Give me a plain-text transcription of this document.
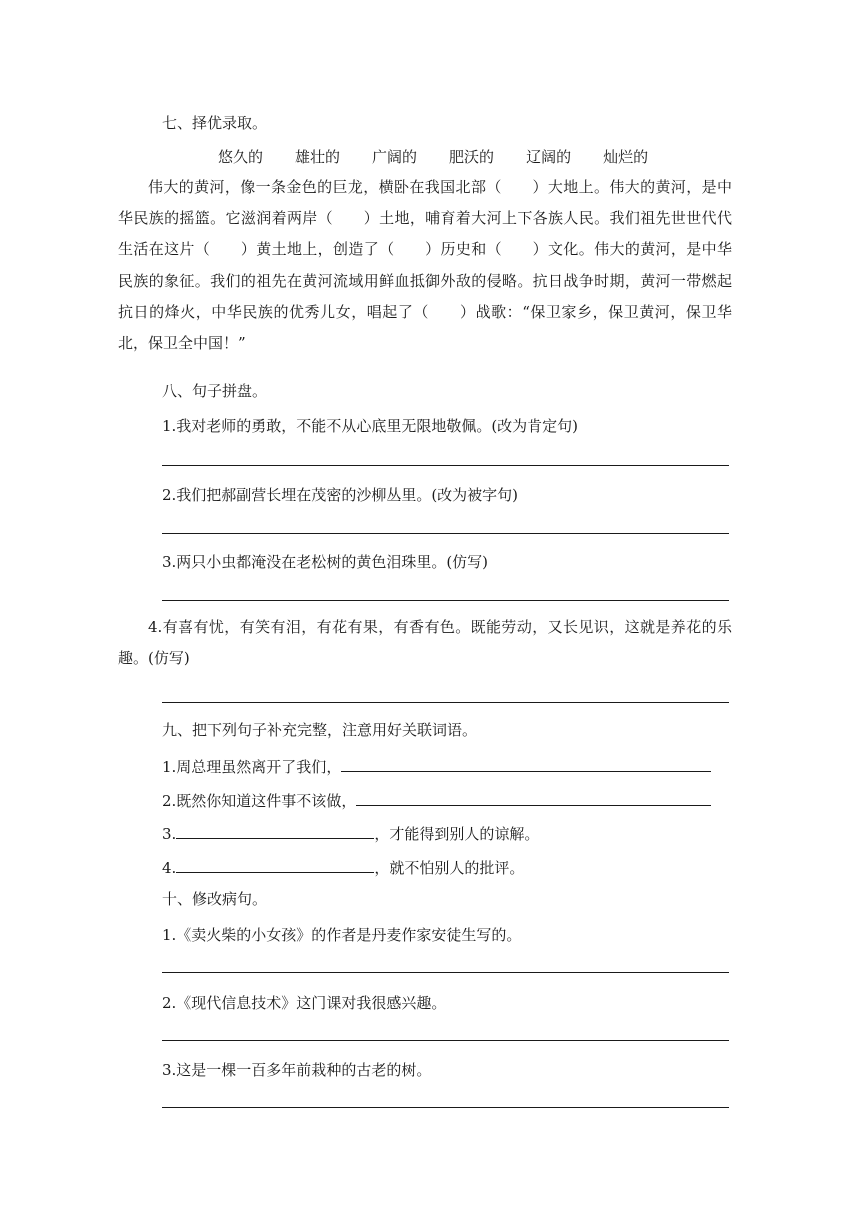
七、择优录取。
悠久的 雄壮的 广阔的 肥沃的 辽阔的 灿烂的
伟大的黄河，像一条金色的巨龙，横卧在我国北部（　　）大地上。伟大的黄河，是中华民族的摇篮。它滋润着两岸（　　）土地，哺育着大河上下各族人民。我们祖先世世代代生活在这片（　　）黄土地上，创造了（　　）历史和（　　）文化。伟大的黄河，是中华民族的象征。我们的祖先在黄河流域用鲜血抵御外敌的侵略。抗日战争时期，黄河一带燃起抗日的烽火，中华民族的优秀儿女，唱起了（　　）战歌：“保卫家乡，保卫黄河，保卫华北，保卫全中国！”
八、句子拼盘。
1.我对老师的勇敢，不能不从心底里无限地敬佩。(改为肯定句)
2.我们把郝副营长埋在茂密的沙柳丛里。(改为被字句)
3.两只小虫都淹没在老松树的黄色泪珠里。(仿写)
4.有喜有忧，有笑有泪，有花有果，有香有色。既能劳动，又长见识，这就是养花的乐趣。(仿写)
九、把下列句子补充完整，注意用好关联词语。
1.周总理虽然离开了我们，
2.既然你知道这件事不该做，
3.	，才能得到别人的谅解。
4.	，就不怕别人的批评。
十、修改病句。
1.《卖火柴的小女孩》的作者是丹麦作家安徒生写的。
2.《现代信息技术》这门课对我很感兴趣。
3.这是一棵一百多年前栽种的古老的树。
